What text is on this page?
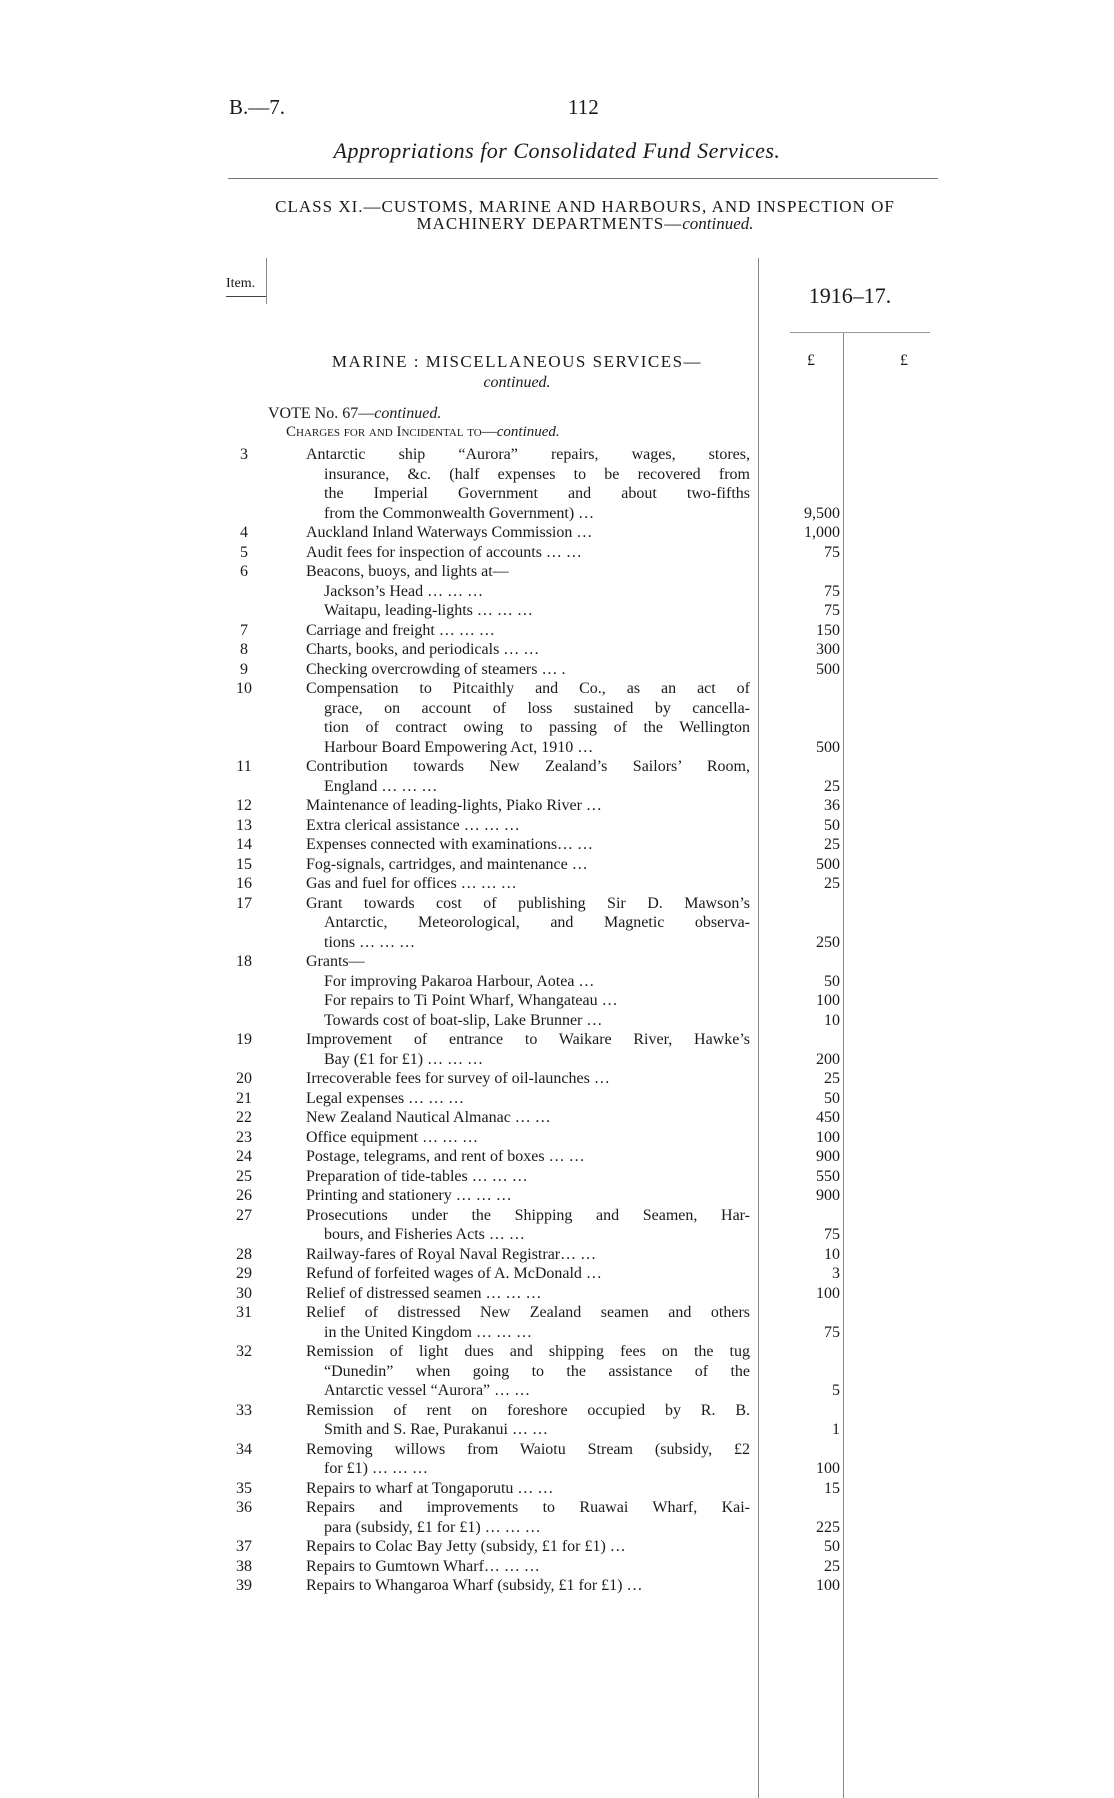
B.—7.	112
Appropriations for Consolidated Fund Services.
CLASS XI.—CUSTOMS, MARINE AND HARBOURS, AND INSPECTION OF
MACHINERY DEPARTMENTS—continued.
Item.	1916–17.
£	£
MARINE : MISCELLANEOUS SERVICES—
continued.
VOTE No. 67—continued.
Charges for and Incidental to—continued.
3	Antarctic ship “Aurora” repairs, wages, stores,
insurance, &c. (half expenses to be recovered from
the Imperial Government and about two-fifths
from the Commonwealth Government) …	9,500
4	Auckland Inland Waterways Commission …	1,000
5	Audit fees for inspection of accounts … …	75
6	Beacons, buoys, and lights at—
Jackson’s Head … … …	75
Waitapu, leading-lights … … …	75
7	Carriage and freight … … …	150
8	Charts, books, and periodicals … …	300
9	Checking overcrowding of steamers … .	500
10	Compensation to Pitcaithly and Co., as an act of
grace, on account of loss sustained by cancella-
tion of contract owing to passing of the Wellington
Harbour Board Empowering Act, 1910 …	500
11	Contribution towards New Zealand’s Sailors’ Room,
England … … …	25
12	Maintenance of leading-lights, Piako River …	36
13	Extra clerical assistance … … …	50
14	Expenses connected with examinations… …	25
15	Fog-signals, cartridges, and maintenance …	500
16	Gas and fuel for offices … … …	25
17	Grant towards cost of publishing Sir D. Mawson’s
Antarctic, Meteorological, and Magnetic observa-
tions … … …	250
18	Grants—
For improving Pakaroa Harbour, Aotea …	50
For repairs to Ti Point Wharf, Whangateau …	100
Towards cost of boat-slip, Lake Brunner …	10
19	Improvement of entrance to Waikare River, Hawke’s
Bay (£1 for £1) … … …	200
20	Irrecoverable fees for survey of oil-launches …	25
21	Legal expenses … … …	50
22	New Zealand Nautical Almanac … …	450
23	Office equipment … … …	100
24	Postage, telegrams, and rent of boxes … …	900
25	Preparation of tide-tables … … …	550
26	Printing and stationery … … …	900
27	Prosecutions under the Shipping and Seamen, Har-
bours, and Fisheries Acts … …	75
28	Railway-fares of Royal Naval Registrar… …	10
29	Refund of forfeited wages of A. McDonald …	3
30	Relief of distressed seamen … … …	100
31	Relief of distressed New Zealand seamen and others
in the United Kingdom … … …	75
32	Remission of light dues and shipping fees on the tug
“Dunedin” when going to the assistance of the
Antarctic vessel “Aurora” … …	5
33	Remission of rent on foreshore occupied by R. B.
Smith and S. Rae, Purakanui … …	1
34	Removing willows from Waiotu Stream (subsidy, £2
for £1) … … …	100
35	Repairs to wharf at Tongaporutu … …	15
36	Repairs and improvements to Ruawai Wharf, Kai-
para (subsidy, £1 for £1) … … …	225
37	Repairs to Colac Bay Jetty (subsidy, £1 for £1) …	50
38	Repairs to Gumtown Wharf… … …	25
39	Repairs to Whangaroa Wharf (subsidy, £1 for £1) …	100
